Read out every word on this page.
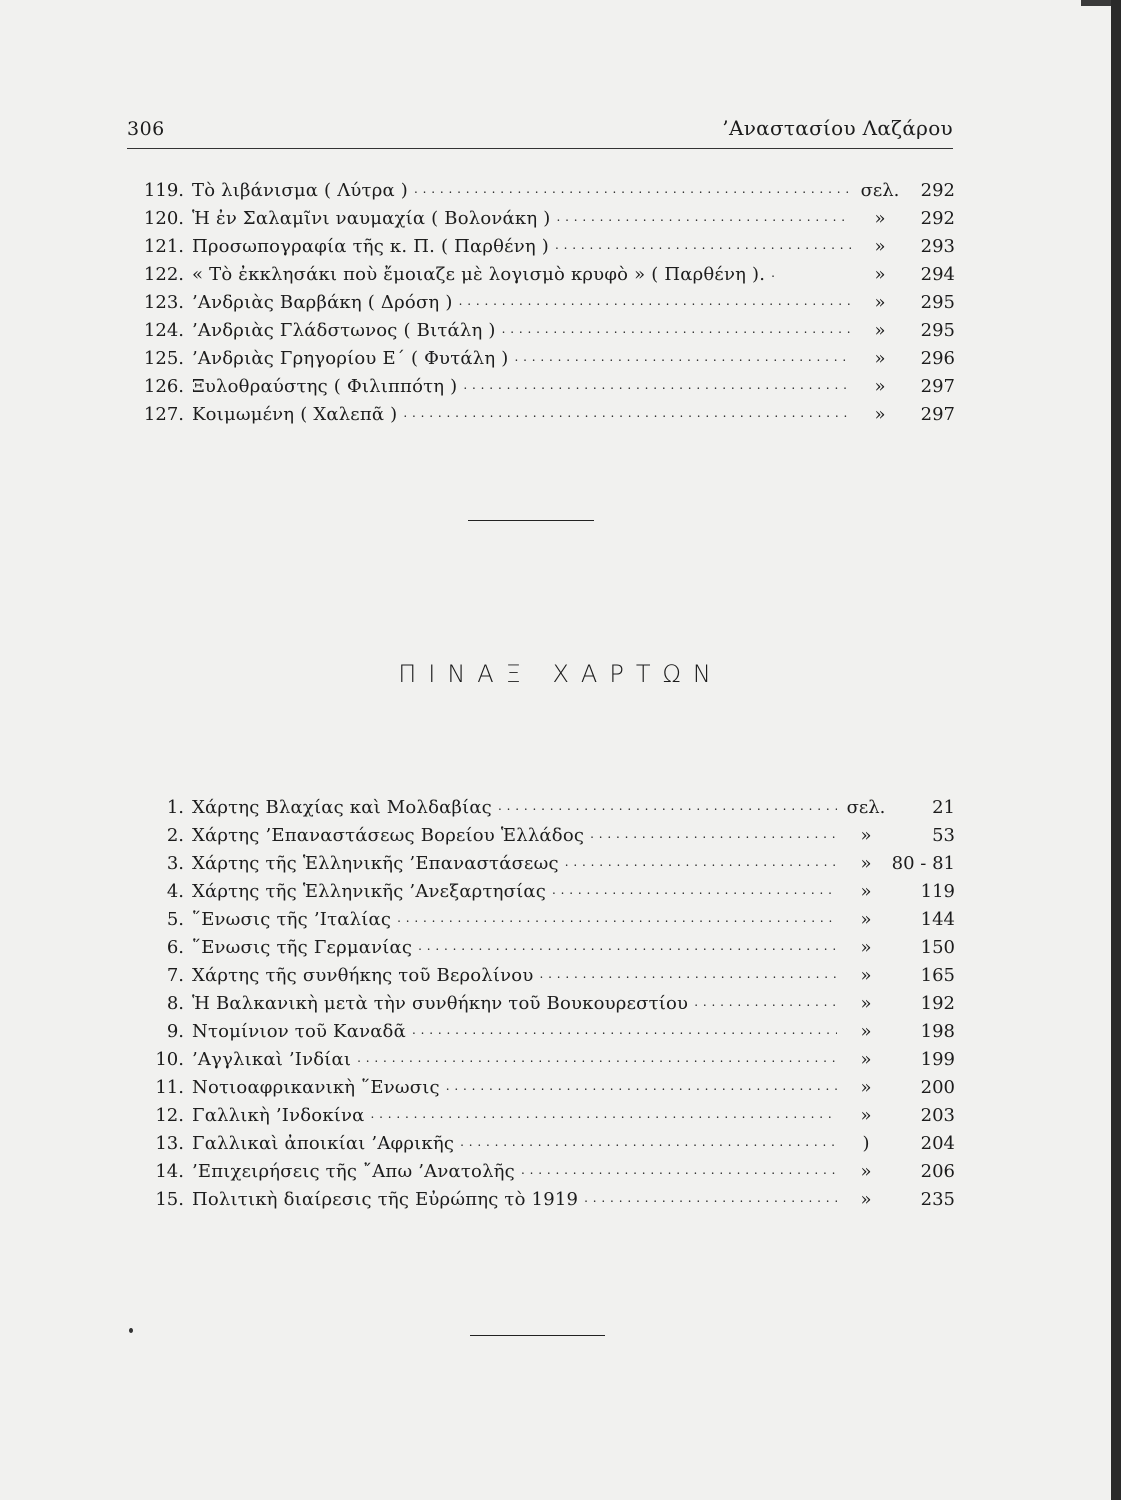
306	’Αναστασίου Λαζάρου
119. Τὸ λιβάνισμα ( Λύτρα ) . . .	σελ.	292
120. Ἡ ἐν Σαλαμῖνι ναυμαχία ( Βολονάκη ) . . .	»	292
121. Προσωπογραφία τῆς κ. Π. ( Παρθένη ) . . .	»	293
122. « Τὸ ἐκκλησάκι ποὺ ἔμοιαζε μὲ λογισμὸ κρυφὸ » ( Παρθένη ). . . .	»	294
123. ’Ανδριὰς Βαρβάκη ( Δρόση ) . . .	»	295
124. ’Ανδριὰς Γλάδστωνος ( Βιτάλη ) . . .	»	295
125. ’Ανδριὰς Γρηγορίου Ε΄ ( Φυτάλη ) . . .	»	296
126. Ξυλοθραύστης ( Φιλιππότη ) . . .	»	297
127. Κοιμωμένη ( Χαλεπᾶ ) . . .	»	297
ΠΙΝΑΞ ΧΑΡΤΩΝ
1. Χάρτης Βλαχίας καὶ Μολδαβίας . . .	σελ.	21
2. Χάρτης ’Επαναστάσεως Βορείου Ἑλλάδος . . .	»	53
3. Χάρτης τῆς Ἑλληνικῆς ’Επαναστάσεως . . .	»	80 - 81
4. Χάρτης τῆς Ἑλληνικῆς ’Ανεξαρτησίας . . .	»	119
5. ῞Ενωσις τῆς ’Ιταλίας . . .	»	144
6. ῞Ενωσις τῆς Γερμανίας . . .	»	150
7. Χάρτης τῆς συνθήκης τοῦ Βερολίνου . . .	»	165
8. Ἡ Βαλκανικὴ μετὰ τὴν συνθήκην τοῦ Βουκουρεστίου . . .	»	192
9. Ντομίνιον τοῦ Καναδᾶ . . .	»	198
10. ’Αγγλικαὶ ’Ινδίαι . . .	»	199
11. Νοτιοαφρικανικὴ ῞Ενωσις . . .	»	200
12. Γαλλικὴ ’Ινδοκίνα . . .	»	203
13. Γαλλικαὶ ἀποικίαι ’Αφρικῆς . . .	)	204
14. ’Επιχειρήσεις τῆς ῎Απω ’Ανατολῆς . . .	»	206
15. Πολιτικὴ διαίρεσις τῆς Εὐρώπης τὸ 1919 . . .	»	235
